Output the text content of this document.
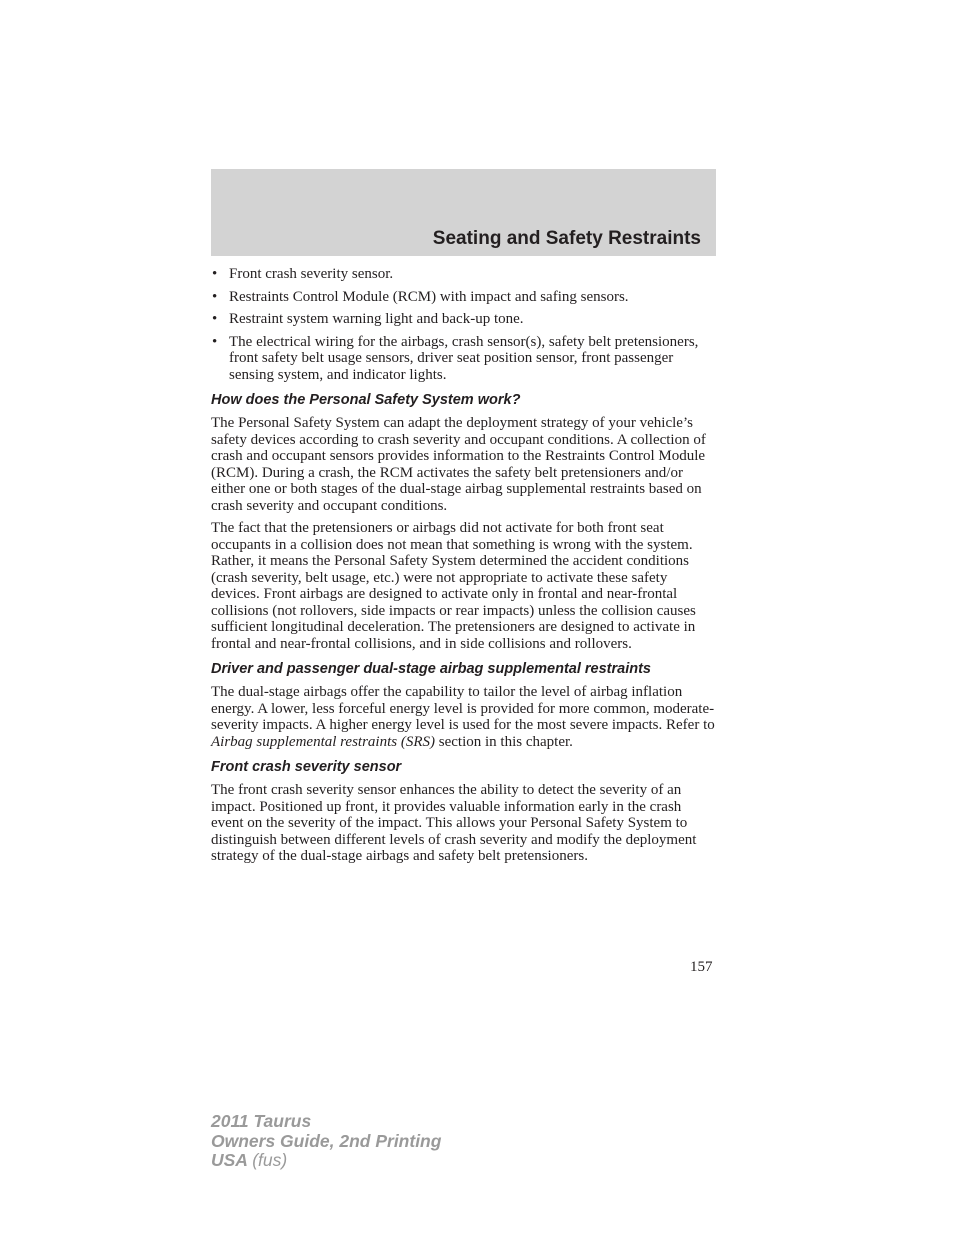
Seating and Safety Restraints
• Front crash severity sensor.
• Restraints Control Module (RCM) with impact and safing sensors.
• Restraint system warning light and back-up tone.
• The electrical wiring for the airbags, crash sensor(s), safety belt pretensioners, front safety belt usage sensors, driver seat position sensor, front passenger sensing system, and indicator lights.
How does the Personal Safety System work?

The Personal Safety System can adapt the deployment strategy of your vehicle’s safety devices according to crash severity and occupant conditions. A collection of crash and occupant sensors provides information to the Restraints Control Module (RCM). During a crash, the RCM activates the safety belt pretensioners and/or either one or both stages of the dual-stage airbag supplemental restraints based on crash severity and occupant conditions.

The fact that the pretensioners or airbags did not activate for both front seat occupants in a collision does not mean that something is wrong with the system. Rather, it means the Personal Safety System determined the accident conditions (crash severity, belt usage, etc.) were not appropriate to activate these safety devices. Front airbags are designed to activate only in frontal and near-frontal collisions (not rollovers, side impacts or rear impacts) unless the collision causes sufficient longitudinal deceleration. The pretensioners are designed to activate in frontal and near-frontal collisions, and in side collisions and rollovers.

Driver and passenger dual-stage airbag supplemental restraints

The dual-stage airbags offer the capability to tailor the level of airbag inflation energy. A lower, less forceful energy level is provided for more common, moderate-severity impacts. A higher energy level is used for the most severe impacts. Refer to Airbag supplemental restraints (SRS) section in this chapter.

Front crash severity sensor

The front crash severity sensor enhances the ability to detect the severity of an impact. Positioned up front, it provides valuable information early in the crash event on the severity of the impact. This allows your Personal Safety System to distinguish between different levels of crash severity and modify the deployment strategy of the dual-stage airbags and safety belt pretensioners.

157
2011 Taurus
Owners Guide, 2nd Printing
USA (fus)
